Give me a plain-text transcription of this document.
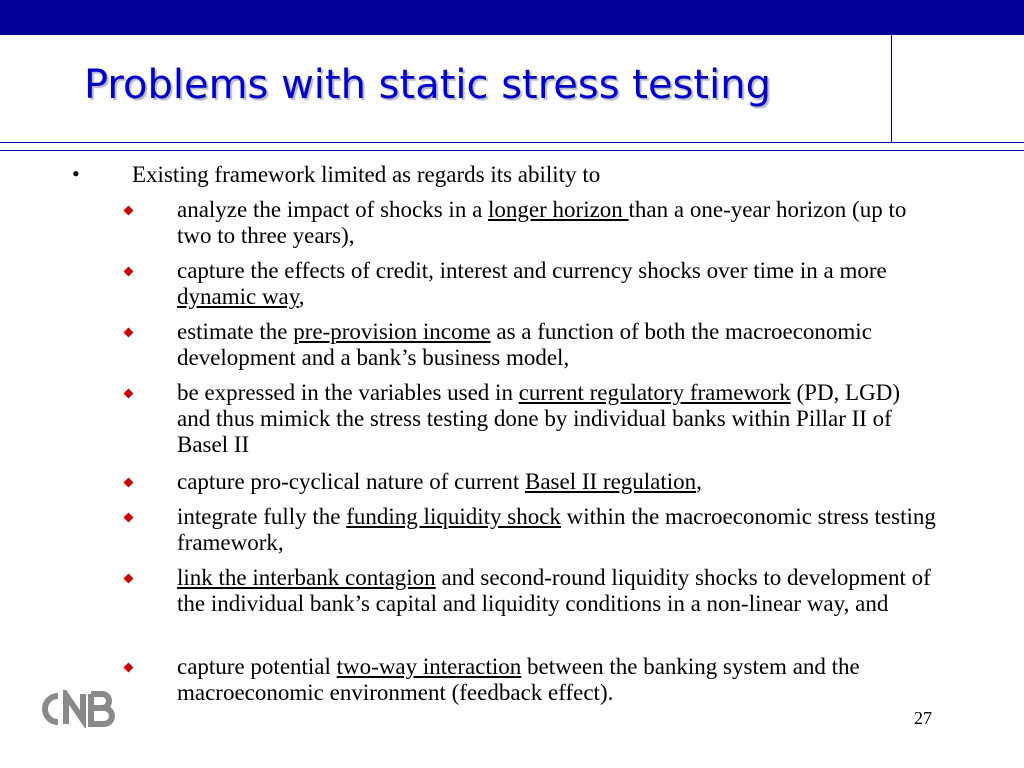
Problems with static stress testing
• Existing framework limited as regards its ability to
analyze the impact of shocks in a longer horizon than a one-year horizon (up to two to three years),
capture the effects of credit, interest and currency shocks over time in a more dynamic way,
estimate the pre-provision income as a function of both the macroeconomic development and a bank’s business model,
be expressed in the variables used in current regulatory framework (PD, LGD) and thus mimick the stress testing done by individual banks within Pillar II of Basel II
capture pro-cyclical nature of current Basel II regulation,
integrate fully the funding liquidity shock within the macroeconomic stress testing framework,
link the interbank contagion and second-round liquidity shocks to development of the individual bank’s capital and liquidity conditions in a non-linear way, and
capture potential two-way interaction between the banking system and the macroeconomic environment (feedback effect).
27
